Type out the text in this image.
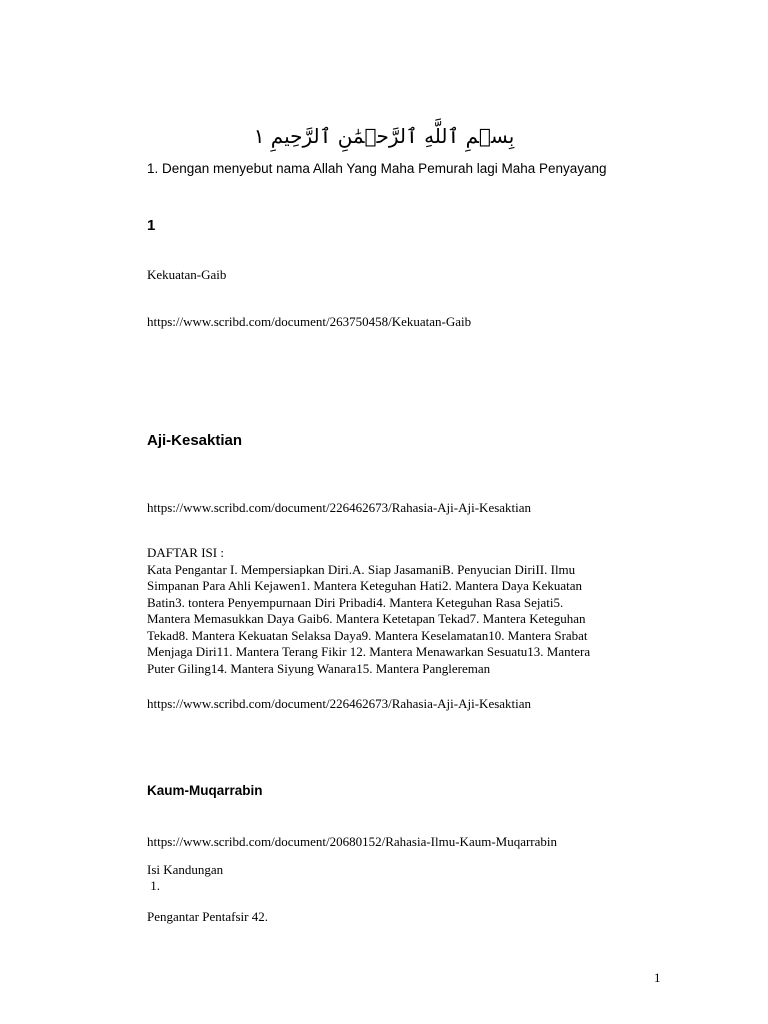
بِسۡمِ ٱللَّهِ ٱلرَّحۡمَٰنِ ٱلرَّحِيمِ ١
1. Dengan menyebut nama Allah Yang Maha Pemurah lagi Maha Penyayang
1
Kekuatan-Gaib
https://www.scribd.com/document/263750458/Kekuatan-Gaib
Aji-Kesaktian
https://www.scribd.com/document/226462673/Rahasia-Aji-Aji-Kesaktian
DAFTAR ISI :
Kata Pengantar I. Mempersiapkan Diri.A. Siap JasamaniB. Penyucian DiriII. Ilmu
Simpanan Para Ahli Kejawen1. Mantera Keteguhan Hati2. Mantera Daya Kekuatan
Batin3. tontera Penyempurnaan Diri Pribadi4. Mantera Keteguhan Rasa Sejati5.
Mantera Memasukkan Daya Gaib6. Mantera Ketetapan Tekad7. Mantera Keteguhan
Tekad8. Mantera Kekuatan Selaksa Daya9. Mantera Keselamatan10. Mantera Srabat
Menjaga Diri11. Mantera Terang Fikir 12. Mantera Menawarkan Sesuatu13. Mantera
Puter Giling14. Mantera Siyung Wanara15. Mantera Panglereman
https://www.scribd.com/document/226462673/Rahasia-Aji-Aji-Kesaktian
Kaum-Muqarrabin
https://www.scribd.com/document/20680152/Rahasia-Ilmu-Kaum-Muqarrabin
Isi Kandungan
1.
Pengantar Pentafsir 42.
1
